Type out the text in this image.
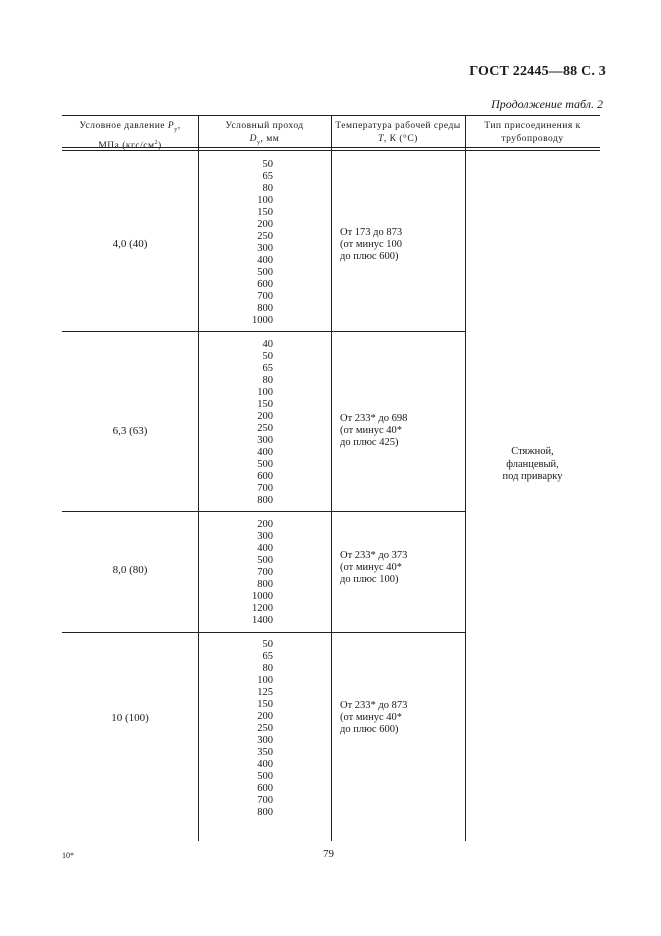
ГОСТ 22445—88 С. 3
Продолжение табл. 2
Условное давление $P_y$,
$^2$
Условный проход
$D_y$, мм
Температура рабочей среды
T, К (°С)
Тип присоединения к
трубопроводу
4,0 (40)
50
65
80
100
150
200
250
300
400
500
600
700
800
1000
От 173 до 873
(от минус 100
до плюс 600)
6,3 (63)
40
50
65
80
100
150
200
250
300
400
500
600
700
800
От 233* до 698
(от минус 40*
до плюс 425)
8,0 (80)
200
300
400
500
700
800
1000
1200
1400
От 233* до 373
(от минус 40*
до плюс 100)
10 (100)
50
65
80
100
125
150
200
250
300
350
400
500
600
700
800
От 233* до 873
(от минус 40*
до плюс 600)
Стяжной,
фланцевый,
под приварку
10*	79
